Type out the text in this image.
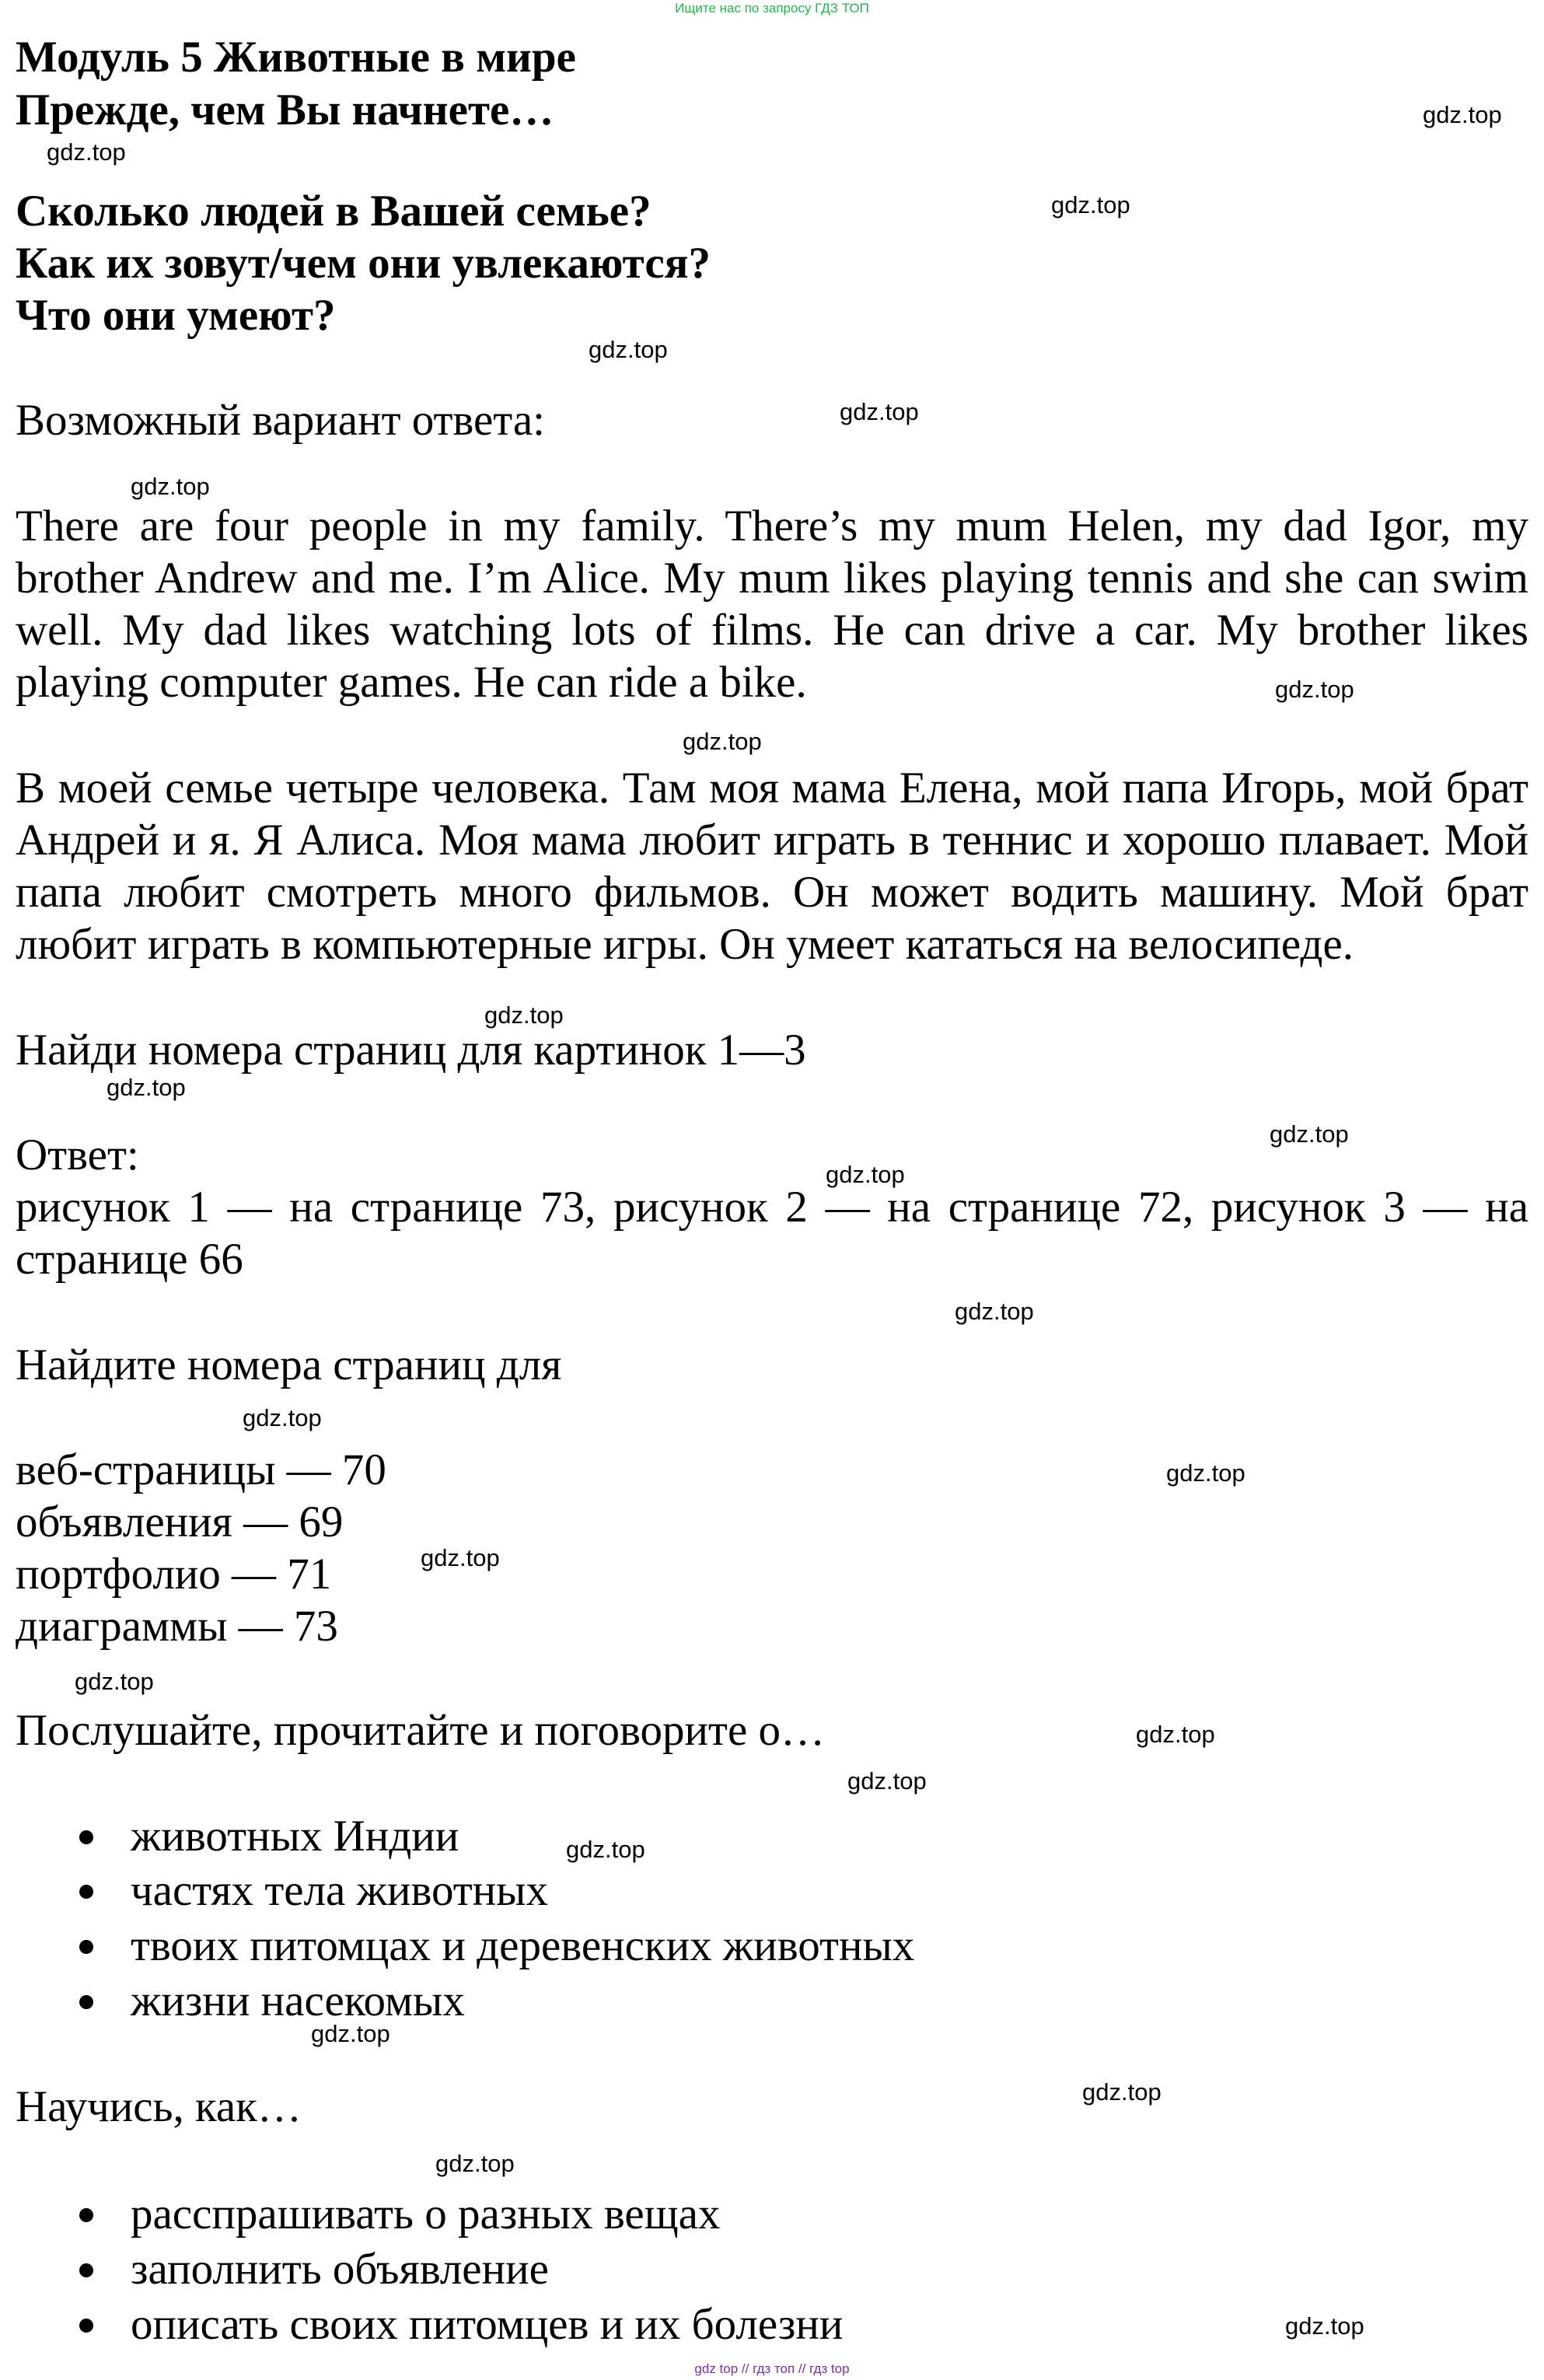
Ищите нас по запросу ГДЗ ТОП
Модуль 5 Животные в мире
Прежде, чем Вы начнете…
Сколько людей в Вашей семье?
Как их зовут/чем они увлекаются?
Что они умеют?
Возможный вариант ответа:
There are four people in my family. There’s my mum Helen, my dad Igor, my
brother Andrew and me. I’m Alice. My mum likes playing tennis and she can swim
well. My dad likes watching lots of films. He can drive a car. My brother likes
playing computer games. He can ride a bike.
В моей семье четыре человека. Там моя мама Елена, мой папа Игорь, мой брат
Андрей и я. Я Алиса. Моя мама любит играть в теннис и хорошо плавает. Мой
папа любит смотреть много фильмов. Он может водить машину. Мой брат
любит играть в компьютерные игры. Он умеет кататься на велосипеде.
Найди номера страниц для картинок 1—3
Ответ:
рисунок 1 — на странице 73, рисунок 2 — на странице 72, рисунок 3 — на
странице 66
Найдите номера страниц для
веб-страницы — 70
объявления — 69
портфолио — 71
диаграммы — 73
Послушайте, прочитайте и поговорите о…
животных Индии
частях тела животных
твоих питомцах и деревенских животных
жизни насекомых
Научись, как…
расспрашивать о разных вещах
заполнить объявление
описать своих питомцев и их болезни
gdz.top
gdz.top
gdz.top
gdz.top
gdz.top
gdz.top
gdz.top
gdz.top
gdz.top
gdz.top
gdz.top
gdz.top
gdz.top
gdz.top
gdz.top
gdz.top
gdz.top
gdz.top
gdz.top
gdz.top
gdz.top
gdz.top
gdz.top
gdz.top
gdz top // гдз топ // гдз top
